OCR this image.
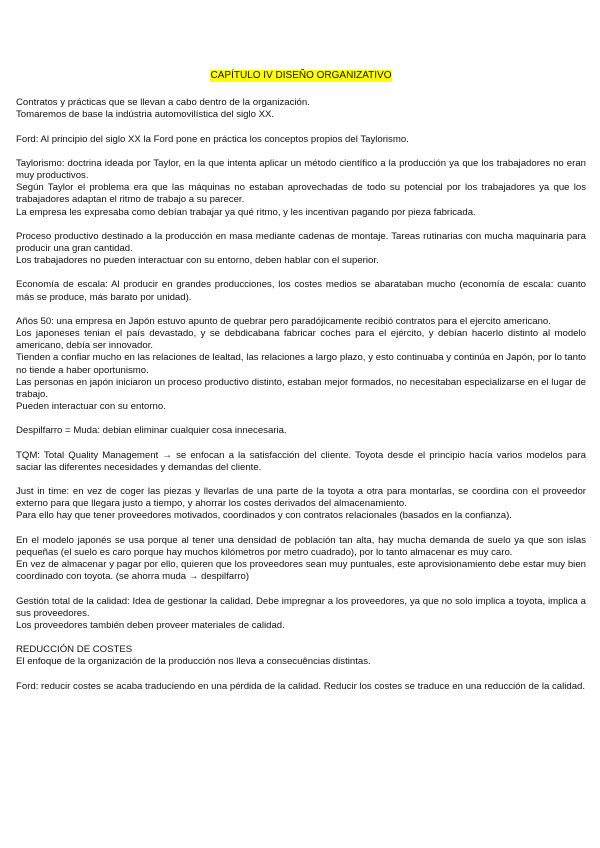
CAPÍTULO IV DISEÑO ORGANIZATIVO
Contratos y prácticas que se llevan a cabo dentro de la organización.
Tomaremos de base la indústria automovilística del siglo XX.
Ford: Al principio del siglo XX la Ford pone en práctica los conceptos propios del Taylorismo.
Taylorismo: doctrina ideada por Taylor, en la que intenta aplicar un método científico a la producción ya que los trabajadores no eran muy productivos.
Según Taylor el problema era que las máquinas no estaban aprovechadas de todo su potencial por los trabajadores ya que los trabajadores adaptan el ritmo de trabajo a su parecer.
La empresa les expresaba como debían trabajar ya qué ritmo, y les incentivan pagando por pieza fabricada.
Proceso productivo destinado a la producción en masa mediante cadenas de montaje. Tareas rutinarias con mucha maquinaria para producir una gran cantidad.
Los trabajadores no pueden interactuar con su entorno, deben hablar con el superior.
Economía de escala: Al producir en grandes producciones, los costes medios se abarataban mucho (economía de escala: cuanto más se produce, más barato por unidad).
Años 50: una empresa en Japón estuvo apunto de quebrar pero paradójicamente recibió contratos para el ejercito americano.
Los japoneses tenian el país devastado, y se debdicabana fabricar coches para el ejército, y debían hacerlo distinto al modelo americano, debía ser innovador.
Tienden a confiar mucho en las relaciones de lealtad, las relaciones a largo plazo, y esto continuaba y continúa en Japón, por lo tanto no tiende a haber oportunismo.
Las personas en japón iniciaron un proceso productivo distinto, estaban mejor formados, no necesitaban especializarse en el lugar de trabajo.
Pueden interactuar con su entorno.
Despilfarro = Muda: debian eliminar cualquier cosa innecesaria.
TQM: Total Quality Management → se enfocan a la satisfacción del cliente. Toyota desde el principio hacía varios modelos para saciar las diferentes necesidades y demandas del cliente.
Just in time: en vez de coger las piezas y llevarlas de una parte de la toyota a otra para montarlas, se coordina con el proveedor externo para que llegara justo a tiempo, y ahorrar los costes derivados del almacenamiento.
Para ello hay que tener proveedores motivados, coordinados y con contratos relacionales (basados en la confianza).
En el modelo japonés se usa porque al tener una densidad de población tan alta, hay mucha demanda de suelo ya que son islas pequeñas (el suelo es caro porque hay muchos kilómetros por metro cuadrado), por lo tanto almacenar es muy caro.
En vez de almacenar y pagar por ello, quieren que los proveedores sean muy puntuales, este aprovisionamiento debe estar muy bien coordinado con toyota. (se ahorra muda → despilfarro)
Gestión total de la calidad: Idea de gestionar la calidad. Debe impregnar a los proveedores, ya que no solo implica a toyota, implica a sus proveedores.
Los proveedores también deben proveer materiales de calidad.
REDUCCIÓN DE COSTES
El enfoque de la organización de la producción nos lleva a consecuências distintas.
Ford: reducir costes se acaba traduciendo en una pérdida de la calidad. Reducir los costes se traduce en una reducción de la calidad.
